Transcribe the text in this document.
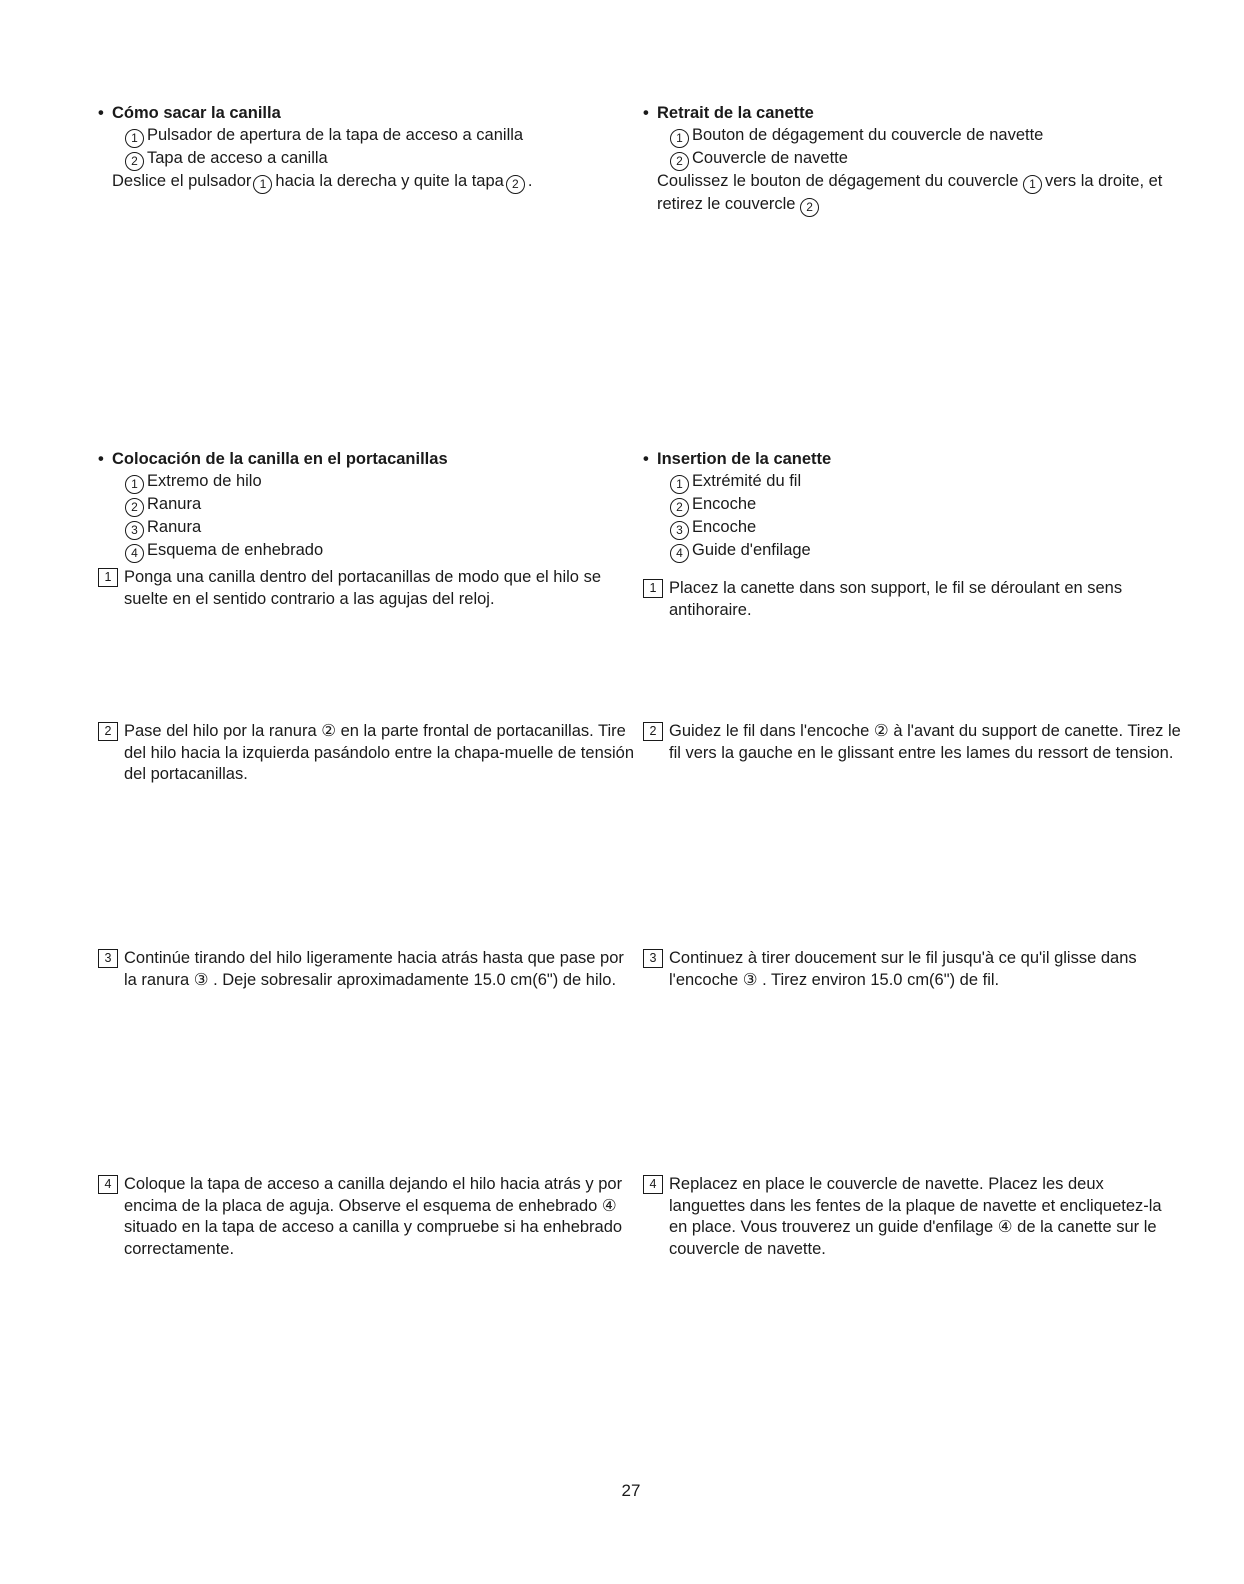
• Cómo sacar la canilla
1 Pulsador de apertura de la tapa de acceso a canilla
2 Tapa de acceso a canilla
Deslice el pulsador 1 hacia la derecha y quite la tapa 2 .
• Retrait de la canette
1 Bouton de dégagement du couvercle de navette
2 Couvercle de navette
Coulissez le bouton de dégagement du couvercle 1 vers la droite, et retirez le couvercle 2
• Colocación de la canilla en el portacanillas
1 Extremo de hilo
2 Ranura
3 Ranura
4 Esquema de enhebrado
• Insertion de la canette
1 Extrémité du fil
2 Encoche
3 Encoche
4 Guide d'enfilage
1 Ponga una canilla dentro del portacanillas de modo que el hilo se suelte en el sentido contrario a las agujas del reloj.
2 Pase del hilo por la ranura ② en la parte frontal de portacanillas. Tire del hilo hacia la izquierda pasándolo entre la chapa-muelle de tensión del portacanillas.
3 Continúe tirando del hilo ligeramente hacia atrás hasta que pase por la ranura ③ . Deje sobresalir aproximadamente 15.0 cm(6") de hilo.
4 Coloque la tapa de acceso a canilla dejando el hilo hacia atrás y por encima de la placa de aguja. Observe el esquema de enhebrado ④ situado en la tapa de acceso a canilla y compruebe si ha enhebrado correctamente.
1 Placez la canette dans son support, le fil se déroulant en sens antihoraire.
2 Guidez le fil dans l'encoche ② à l'avant du support de canette. Tirez le fil vers la gauche en le glissant entre les lames du ressort de tension.
3 Continuez à tirer doucement sur le fil jusqu'à ce qu'il glisse dans l'encoche ③ . Tirez environ 15.0 cm(6") de fil.
4 Replacez en place le couvercle de navette. Placez les deux languettes dans les fentes de la plaque de navette et encliquetez-la en place. Vous trouverez un guide d'enfilage ④ de la canette sur le couvercle de navette.
27
